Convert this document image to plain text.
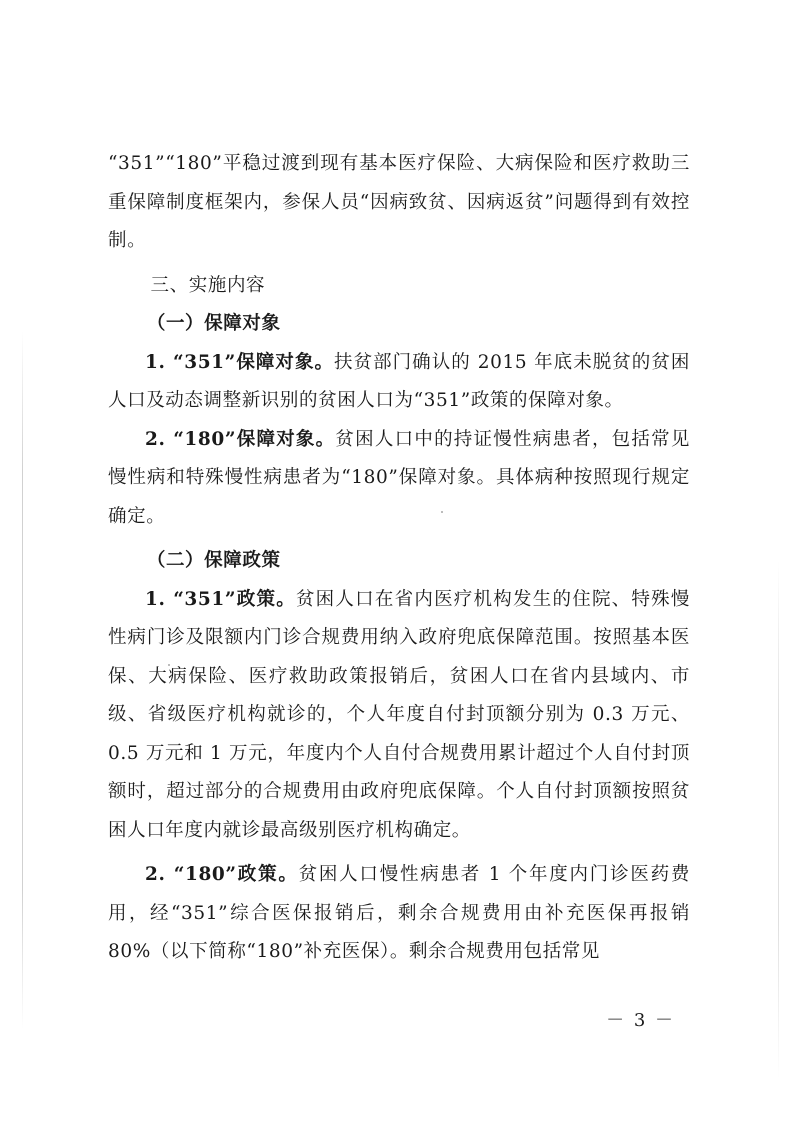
“351”“180”平稳过渡到现有基本医疗保险、大病保险和医疗救助三重保障制度框架内，参保人员“因病致贫、因病返贫”问题得到有效控制。

三、实施内容

（一）保障对象

1. “351”保障对象。扶贫部门确认的 2015 年底未脱贫的贫困人口及动态调整新识别的贫困人口为“351”政策的保障对象。

2. “180”保障对象。贫困人口中的持证慢性病患者，包括常见慢性病和特殊慢性病患者为“180”保障对象。具体病种按照现行规定确定。

（二）保障政策

1. “351”政策。贫困人口在省内医疗机构发生的住院、特殊慢性病门诊及限额内门诊合规费用纳入政府兜底保障范围。按照基本医保、大病保险、医疗救助政策报销后，贫困人口在省内县域内、市级、省级医疗机构就诊的，个人年度自付封顶额分别为 0.3 万元、0.5 万元和 1 万元，年度内个人自付合规费用累计超过个人自付封顶额时，超过部分的合规费用由政府兜底保障。个人自付封顶额按照贫困人口年度内就诊最高级别医疗机构确定。

2. “180”政策。贫困人口慢性病患者 1 个年度内门诊医药费用，经“351”综合医保报销后，剩余合规费用由补充医保再报销 80%（以下简称“180”补充医保）。剩余合规费用包括常见

－ 3 －
